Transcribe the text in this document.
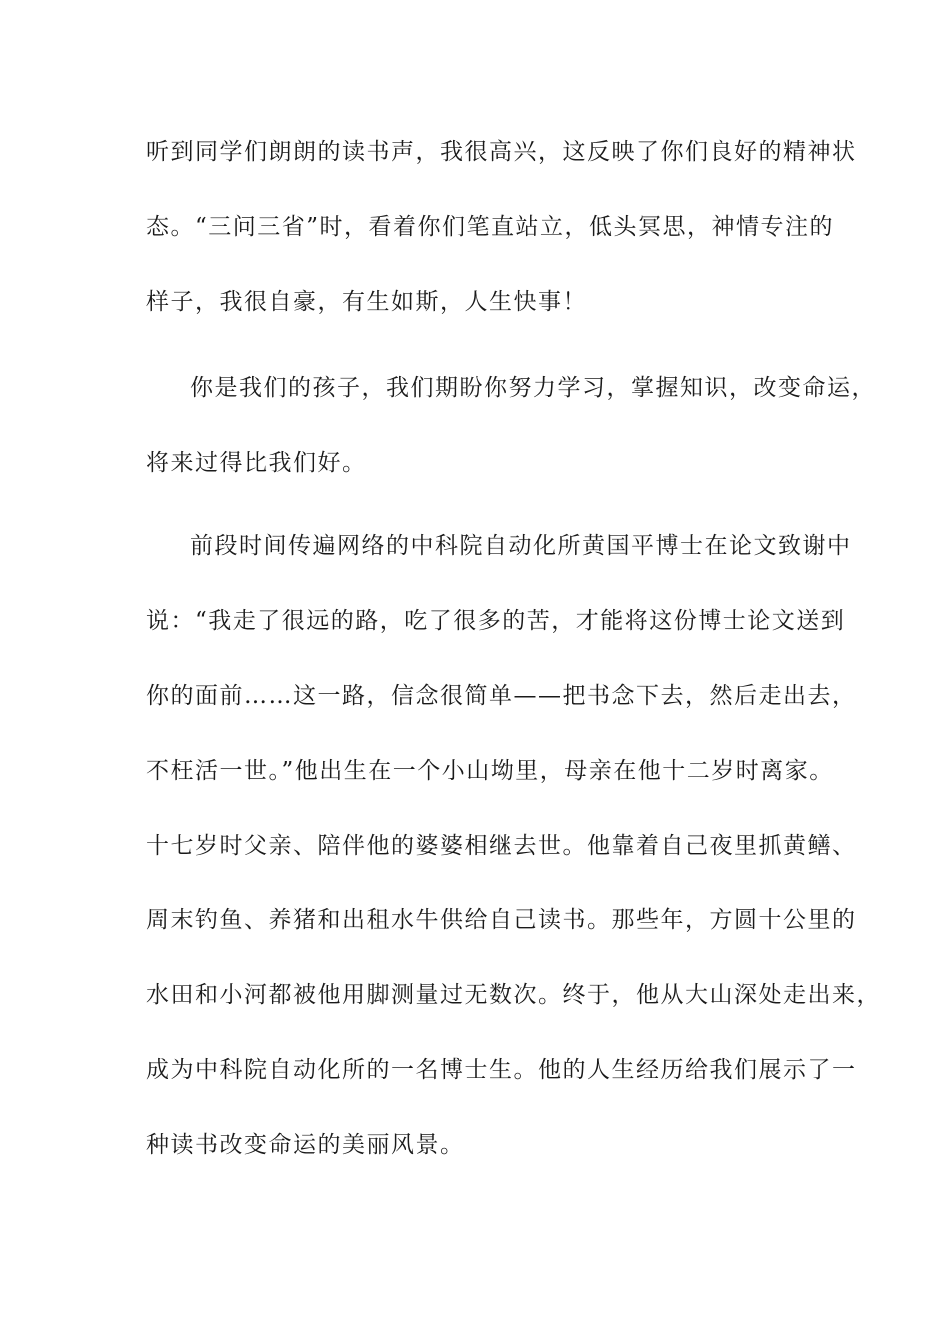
听到同学们朗朗的读书声，我很高兴，这反映了你们良好的精神状
态。“三问三省”时，看着你们笔直站立，低头冥思，神情专注的
样子，我很自豪，有生如斯，人生快事！
你是我们的孩子，我们期盼你努力学习，掌握知识，改变命运，
将来过得比我们好。
前段时间传遍网络的中科院自动化所黄国平博士在论文致谢中
说：“我走了很远的路，吃了很多的苦，才能将这份博士论文送到
你的面前……这一路，信念很简单——把书念下去，然后走出去，
不枉活一世。”他出生在一个小山坳里，母亲在他十二岁时离家。
十七岁时父亲、陪伴他的婆婆相继去世。他靠着自己夜里抓黄鳝、
周末钓鱼、养猪和出租水牛供给自己读书。那些年，方圆十公里的
水田和小河都被他用脚测量过无数次。终于，他从大山深处走出来，
成为中科院自动化所的一名博士生。他的人生经历给我们展示了一
种读书改变命运的美丽风景。
